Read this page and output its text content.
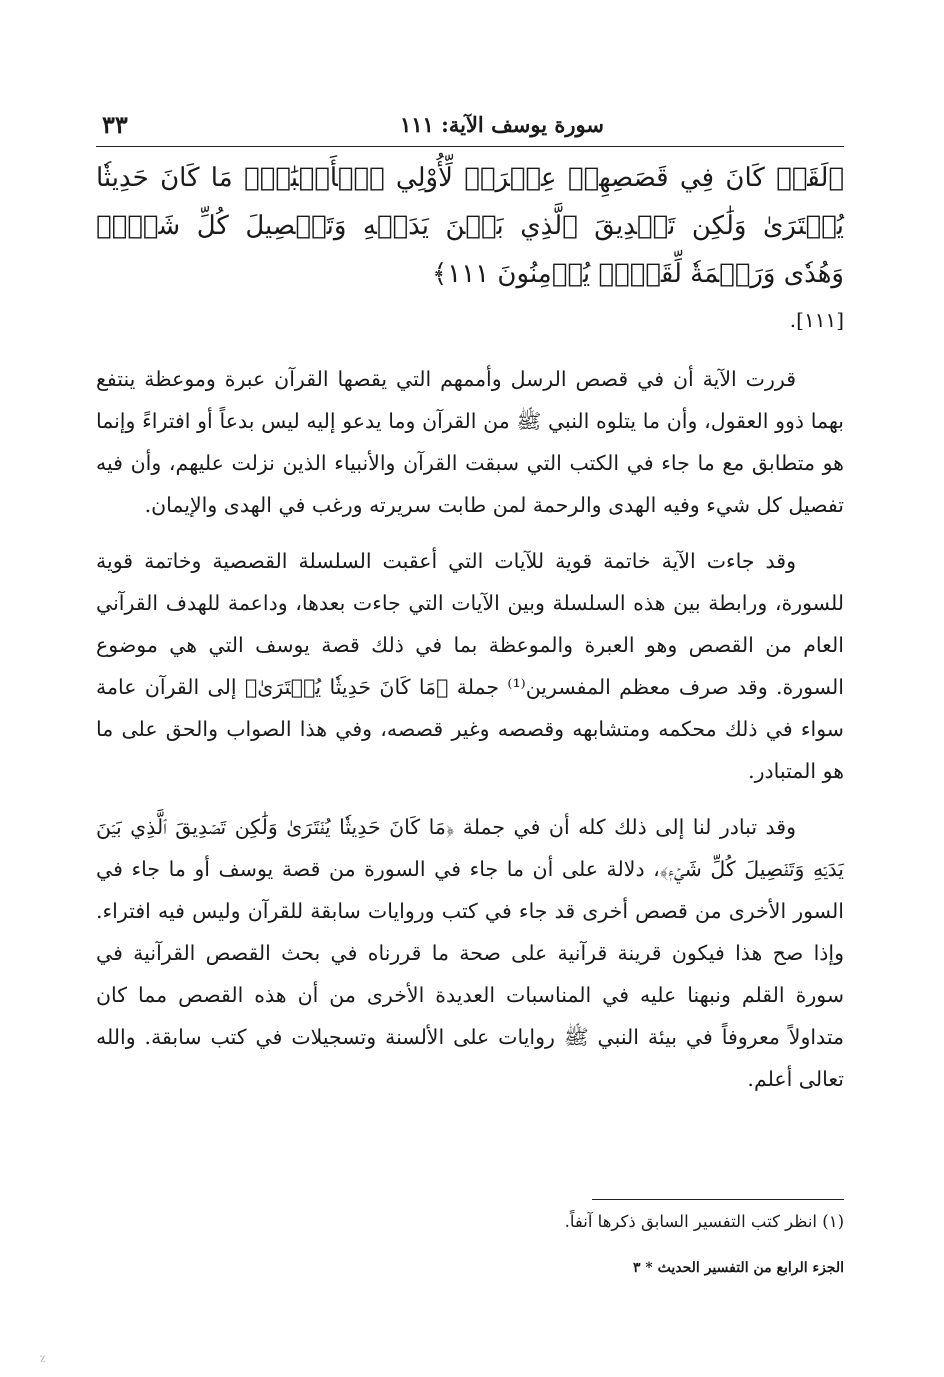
سورة يوسف الآية: ١١١
٣٣

﴿لَقَدۡ كَانَ فِي قَصَصِهِمۡ عِبۡرَةٞ لِّأُوْلِي ٱلۡأَلۡبَٰبِۗ مَا كَانَ حَدِيثٗا يُفۡتَرَىٰ وَلَٰكِن تَصۡدِيقَ ٱلَّذِي بَيۡنَ يَدَيۡهِ وَتَفۡصِيلَ كُلِّ شَيۡءٖ وَهُدٗى وَرَحۡمَةٗ لِّقَوۡمٖ يُؤۡمِنُونَ ١١١﴾

[١١١].

قررت الآية أن في قصص الرسل وأممهم التي يقصها القرآن عبرة وموعظة ينتفع بهما ذوو العقول، وأن ما يتلوه النبي ﷺ من القرآن وما يدعو إليه ليس بدعاً أو افتراءً وإنما هو متطابق مع ما جاء في الكتب التي سبقت القرآن والأنبياء الذين نزلت عليهم، وأن فيه تفصيل كل شيء وفيه الهدى والرحمة لمن طابت سريرته ورغب في الهدى والإيمان.

وقد جاءت الآية خاتمة قوية للآيات التي أعقبت السلسلة القصصية وخاتمة قوية للسورة، ورابطة بين هذه السلسلة وبين الآيات التي جاءت بعدها، وداعمة للهدف القرآني العام من القصص وهو العبرة والموعظة بما في ذلك قصة يوسف التي هي موضوع السورة. وقد صرف معظم المفسرين⁽¹⁾ جملة ﴿مَا كَانَ حَدِيثٗا يُفۡتَرَىٰ﴾ إلى القرآن عامة سواء في ذلك محكمه ومتشابهه وقصصه وغير قصصه، وفي هذا الصواب والحق على ما هو المتبادر.

وقد تبادر لنا إلى ذلك كله أن في جملة ﴿مَا كَانَ حَدِيثٗا يُفۡتَرَىٰ وَلَٰكِن تَصۡدِيقَ ٱلَّذِي بَيۡنَ يَدَيۡهِ وَتَفۡصِيلَ كُلِّ شَيۡءٖ﴾، دلالة على أن ما جاء في السورة من قصة يوسف أو ما جاء في السور الأخرى من قصص أخرى قد جاء في كتب وروايات سابقة للقرآن وليس فيه افتراء. وإذا صح هذا فيكون قرينة قرآنية على صحة ما قررناه في بحث القصص القرآنية في سورة القلم ونبهنا عليه في المناسبات العديدة الأخرى من أن هذه القصص مما كان متداولاً معروفاً في بيئة النبي ﷺ روايات على الألسنة وتسجيلات في كتب سابقة. والله تعالى أعلم.

(١) انظر كتب التفسير السابق ذكرها آنفاً.
الجزء الرابع من التفسير الحديث * ٣
٪
